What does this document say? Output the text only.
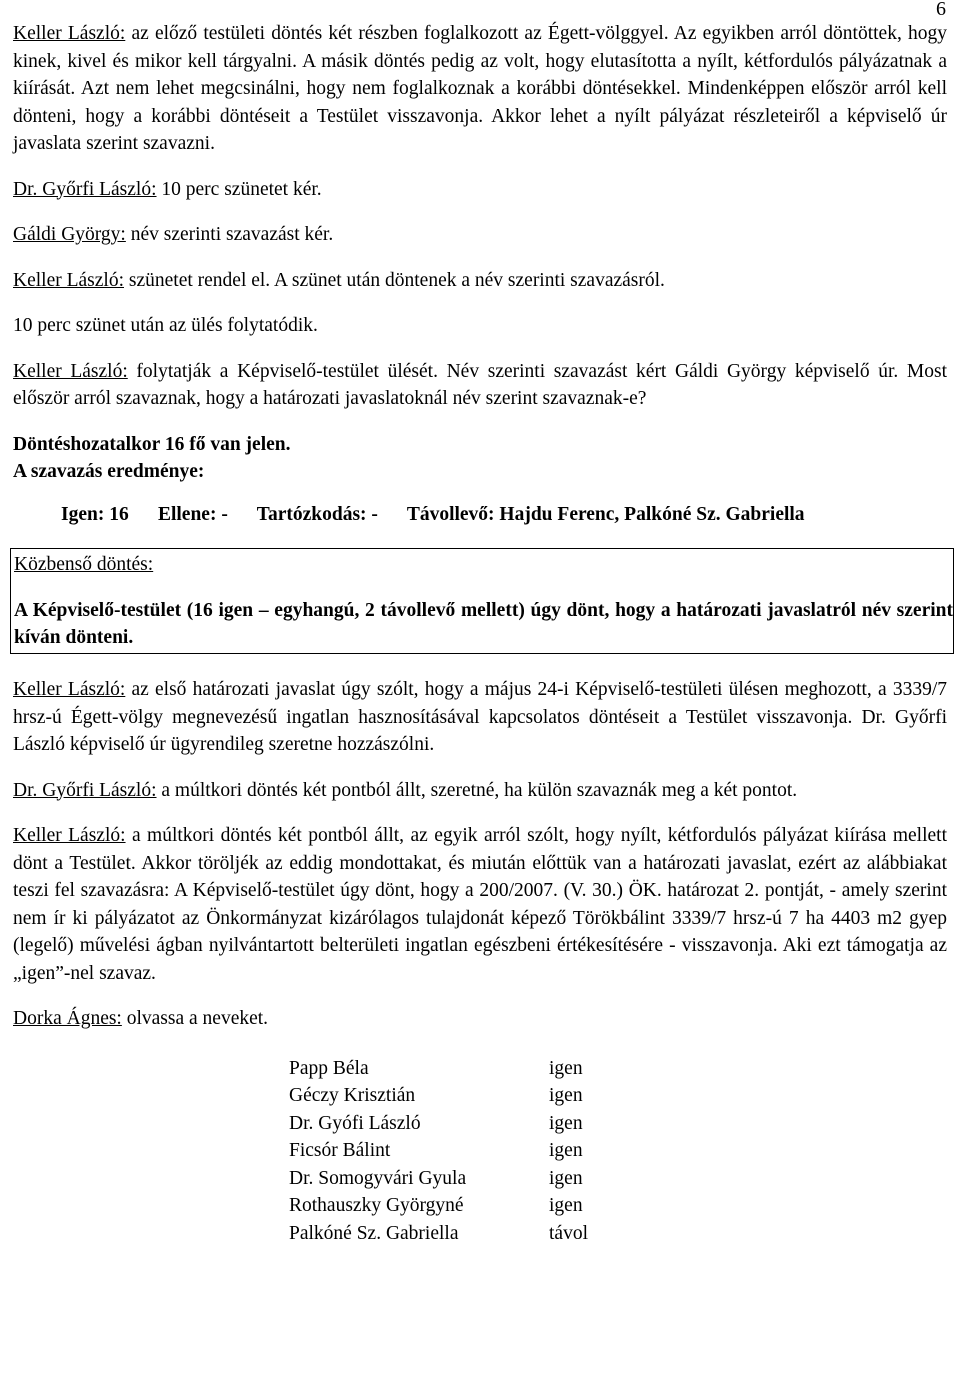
6

Keller László: az előző testületi döntés két részben foglalkozott az Égett-völggyel. Az egyikben arról döntöttek, hogy kinek, kivel és mikor kell tárgyalni. A másik döntés pedig az volt, hogy elutasította a nyílt, kétfordulós pályázatnak a kiírását. Azt nem lehet megcsinálni, hogy nem foglalkoznak a korábbi döntésekkel. Mindenképpen először arról kell dönteni, hogy a korábbi döntéseit a Testület visszavonja. Akkor lehet a nyílt pályázat részleteiről a képviselő úr javaslata szerint szavazni.

Dr. Győrfi László: 10 perc szünetet kér.

Gáldi György: név szerinti szavazást kér.

Keller László: szünetet rendel el. A szünet után döntenek a név szerinti szavazásról.

10 perc szünet után az ülés folytatódik.

Keller László: folytatják a Képviselő-testület ülését. Név szerinti szavazást kért Gáldi György képviselő úr. Most először arról szavaznak, hogy a határozati javaslatoknál név szerint szavaznak-e?

Döntéshozatalkor 16 fő van jelen.

A szavazás eredménye:

Igen: 16 Ellene: - Tartózkodás: - Távollevő: Hajdu Ferenc, Palkóné Sz. Gabriella

Közbenső döntés:

A Képviselő-testület (16 igen – egyhangú, 2 távollevő mellett) úgy dönt, hogy a határozati javaslatról név szerint kíván dönteni.

Keller László: az első határozati javaslat úgy szólt, hogy a május 24-i Képviselő-testületi ülésen meghozott, a 3339/7 hrsz-ú Égett-völgy megnevezésű ingatlan hasznosításával kapcsolatos döntéseit a Testület visszavonja. Dr. Győrfi László képviselő úr ügyrendileg szeretne hozzászólni.

Dr. Győrfi László: a múltkori döntés két pontból állt, szeretné, ha külön szavaznák meg a két pontot.

Keller László: a múltkori döntés két pontból állt, az egyik arról szólt, hogy nyílt, kétfordulós pályázat kiírása mellett dönt a Testület. Akkor töröljék az eddig mondottakat, és miután előttük van a határozati javaslat, ezért az alábbiakat teszi fel szavazásra: A Képviselő-testület úgy dönt, hogy a 200/2007. (V. 30.) ÖK. határozat 2. pontját, - amely szerint nem ír ki pályázatot az Önkormányzat kizárólagos tulajdonát képező Törökbálint 3339/7 hrsz-ú 7 ha 4403 m2 gyep (legelő) művelési ágban nyilvántartott belterületi ingatlan egészbeni értékesítésére - visszavonja. Aki ezt támogatja az „igen”-nel szavaz.

Dorka Ágnes: olvassa a neveket.

Papp Béla	igen
Géczy Krisztián	igen
Dr. Gyófi László	igen
Ficsór Bálint	igen
Dr. Somogyvári Gyula	igen
Rothauszky Györgyné	igen
Palkóné Sz. Gabriella	távol
